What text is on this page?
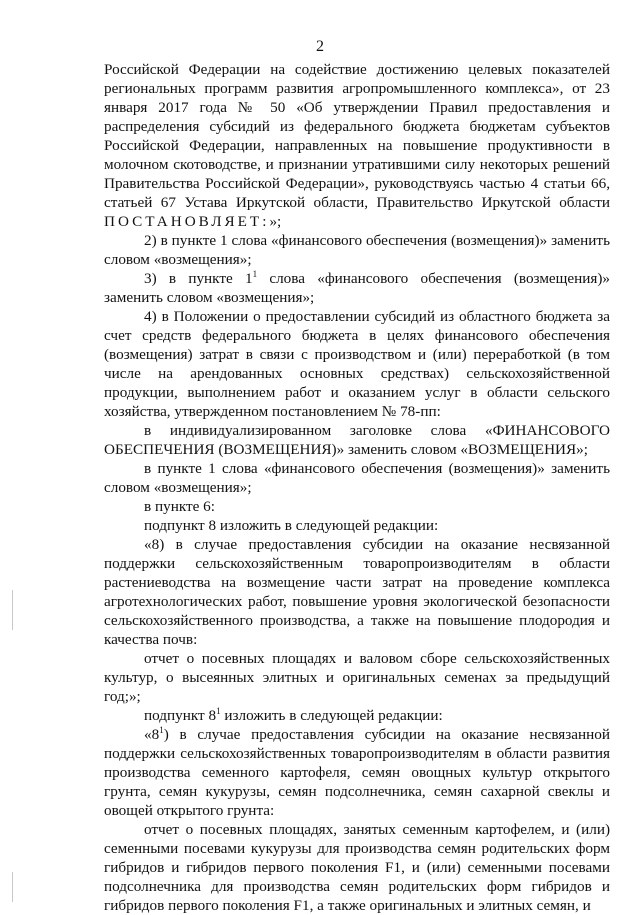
2

Российской Федерации на содействие достижению целевых показателей региональных программ развития агропромышленного комплекса», от 23 января 2017 года № 50 «Об утверждении Правил предоставления и распределения субсидий из федерального бюджета бюджетам субъектов Российской Федерации, направленных на повышение продуктивности в молочном скотоводстве, и признании утратившими силу некоторых решений Правительства Российской Федерации», руководствуясь частью 4 статьи 66, статьей 67 Устава Иркутской области, Правительство Иркутской области ПОСТАНОВЛЯЕТ:»;

2) в пункте 1 слова «финансового обеспечения (возмещения)» заменить словом «возмещения»;

3) в пункте $1^1$ слова «финансового обеспечения (возмещения)» заменить словом «возмещения»;

4) в Положении о предоставлении субсидий из областного бюджета за счет средств федерального бюджета в целях финансового обеспечения (возмещения) затрат в связи с производством и (или) переработкой (в том числе на арендованных основных средствах) сельскохозяйственной продукции, выполнением работ и оказанием услуг в области сельского хозяйства, утвержденном постановлением № 78-пп:

в индивидуализированном заголовке слова «ФИНАНСОВОГО ОБЕСПЕЧЕНИЯ (ВОЗМЕЩЕНИЯ)» заменить словом «ВОЗМЕЩЕНИЯ»;

в пункте 1 слова «финансового обеспечения (возмещения)» заменить словом «возмещения»;

в пункте 6:

подпункт 8 изложить в следующей редакции:

«8) в случае предоставления субсидии на оказание несвязанной поддержки сельскохозяйственным товаропроизводителям в области растениеводства на возмещение части затрат на проведение комплекса агротехнологических работ, повышение уровня экологической безопасности сельскохозяйственного производства, а также на повышение плодородия и качества почв:

отчет о посевных площадях и валовом сборе сельскохозяйственных культур, о высеянных элитных и оригинальных семенах за предыдущий год;»;

подпункт $8^1$ изложить в следующей редакции:

«$8^1$) в случае предоставления субсидии на оказание несвязанной поддержки сельскохозяйственных товаропроизводителям в области развития производства семенного картофеля, семян овощных культур открытого грунта, семян кукурузы, семян подсолнечника, семян сахарной свеклы и овощей открытого грунта:

отчет о посевных площадях, занятых семенным картофелем, и (или) семенными посевами кукурузы для производства семян родительских форм гибридов и гибридов первого поколения F1, и (или) семенными посевами подсолнечника для производства семян родительских форм гибридов и гибридов первого поколения F1, а также оригинальных и элитных семян, и
